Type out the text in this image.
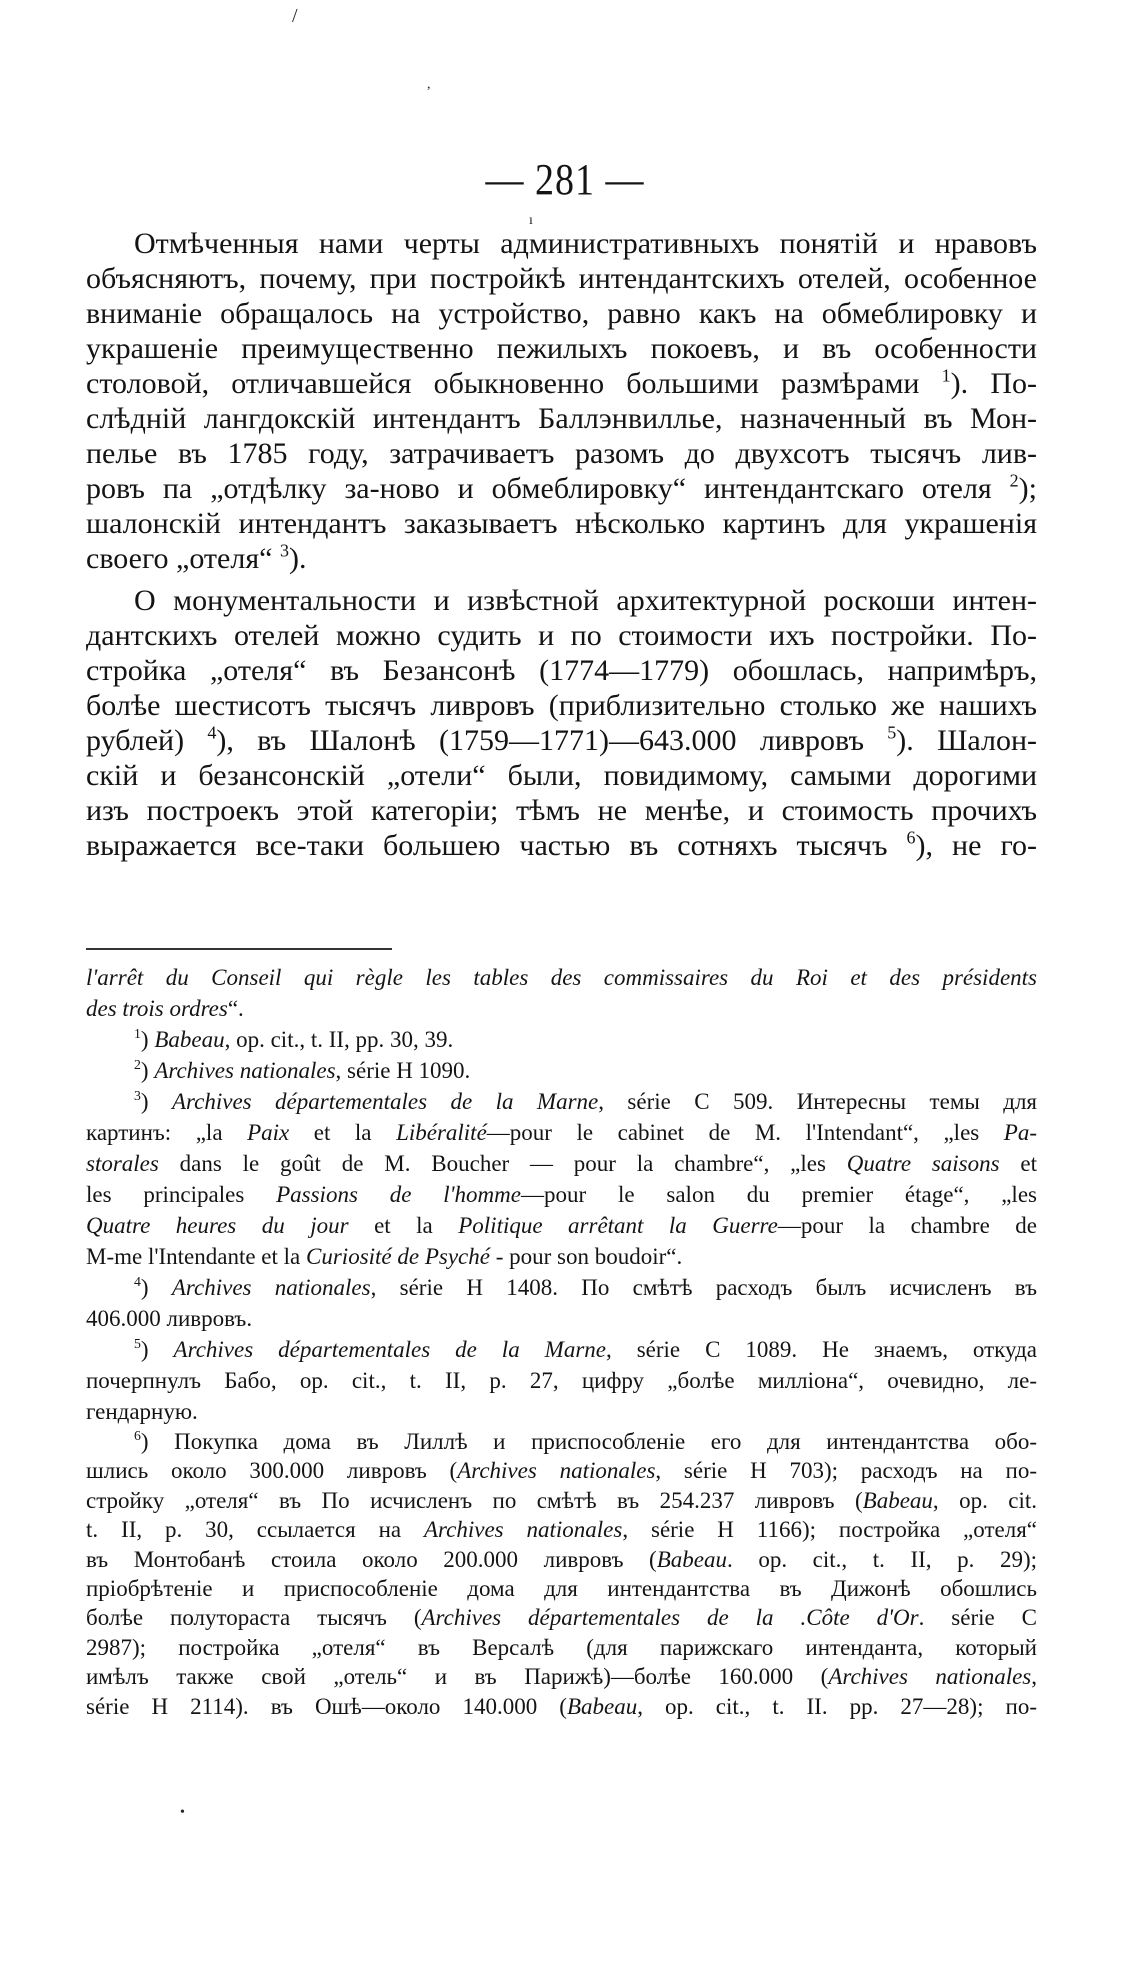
/
,
ı
•
— 281 —
Отмѣченныя нами черты административныхъ понятій и нравовъ
объясняютъ, почему, при постройкѣ интендантскихъ отелей, особенное
вниманіе обращалось на устройство, равно какъ на обмеблировку и
украшеніе преимущественно пежилыхъ покоевъ, и въ особенности
столовой, отличавшейся обыкновенно большими размѣрами $^1$). По-
слѣдній лангдокскій интендантъ Баллэнвилльe, назначенный въ Мон-
пелье въ 1785 году, затрачиваетъ разомъ до двухсотъ тысячъ лив-
ровъ па „отдѣлку за-ново и обмеблировку“ интендантскаго отеля $^2$);
шалонскій интендантъ заказываетъ нѣсколько картинъ для украшенія
своего „отеля“ $^3$).
О монументальности и извѣстной архитектурной роскоши интен-
дантскихъ отелей можно судить и по стоимости ихъ постройки. По-
стройка „отеля“ въ Безансонѣ (1774—1779) обошлась, напримѣръ,
болѣе шестисотъ тысячъ ливровъ (приблизительно столько же нашихъ
рублей) $^4$), въ Шалонѣ (1759—1771)—643.000 ливровъ $^5$). Шалон-
скій и безансонскій „отели“ были, повидимому, самыми дорогими
изъ построекъ этой категоріи; тѣмъ не менѣе, и стоимость прочихъ
выражается все-таки большею частью въ сотняхъ тысячъ $^6$), не го-
l'arrêt du Conseil qui règle les tables des commissaires du Roi et des présidents
des trois ordres“.
$^1$) Babeau, op. cit., t. II, pp. 30, 39.
$^2$) Archives nationales, série H 1090.
$^3$) Archives départementales de la Marne, série C 509. Интересны темы для
картинъ: „la Paix et la Libéralité—pour le cabinet de M. l'Intendant“, „les Pa-
storales dans le goût de M. Boucher — pour la chambre“, „les Quatre saisons et
les principales Passions de l'homme—pour le salon du premier étage“, „les
Quatre heures du jour et la Politique arrêtant la Guerre—pour la chambre de
M-me l'Intendante et la Curiosité de Psyché - pour son boudoir“.
$^4$) Archives nationales, série H 1408. По смѣтѣ расходъ былъ исчисленъ въ
406.000 ливровъ.
$^5$) Archives départementales de la Marne, série C 1089. Не знаемъ, откуда
почерпнулъ Бабо, op. cit., t. II, p. 27, цифру „болѣе милліона“, очевидно, ле-
гендарную.
$^6$) Покупка дома въ Лиллѣ и приспособленіе его для интендантства обо-
шлись около 300.000 ливровъ (Archives nationales, série H 703); расходъ на по-
стройку „отеля“ въ По исчисленъ по смѣтѣ въ 254.237 ливровъ (Babeau, op. cit.
t. II, p. 30, ссылается на Archives nationales, série H 1166); постройка „отеля“
въ Монтобанѣ стоила около 200.000 ливровъ (Babeau. op. cit., t. II, p. 29);
пріобрѣтеніе и приспособленіе дома для интендантства въ Дижонѣ обошлись
болѣе полутораста тысячъ (Archives départementales de la .Côte d'Or. série C
2987); постройка „отеля“ въ Версалѣ (для парижскаго интенданта, который
имѣлъ также свой „отель“ и въ Парижѣ)—болѣе 160.000 (Archives nationales,
série H 2114). въ Ошѣ—около 140.000 (Babeau, op. cit., t. II. pp. 27—28); по-
